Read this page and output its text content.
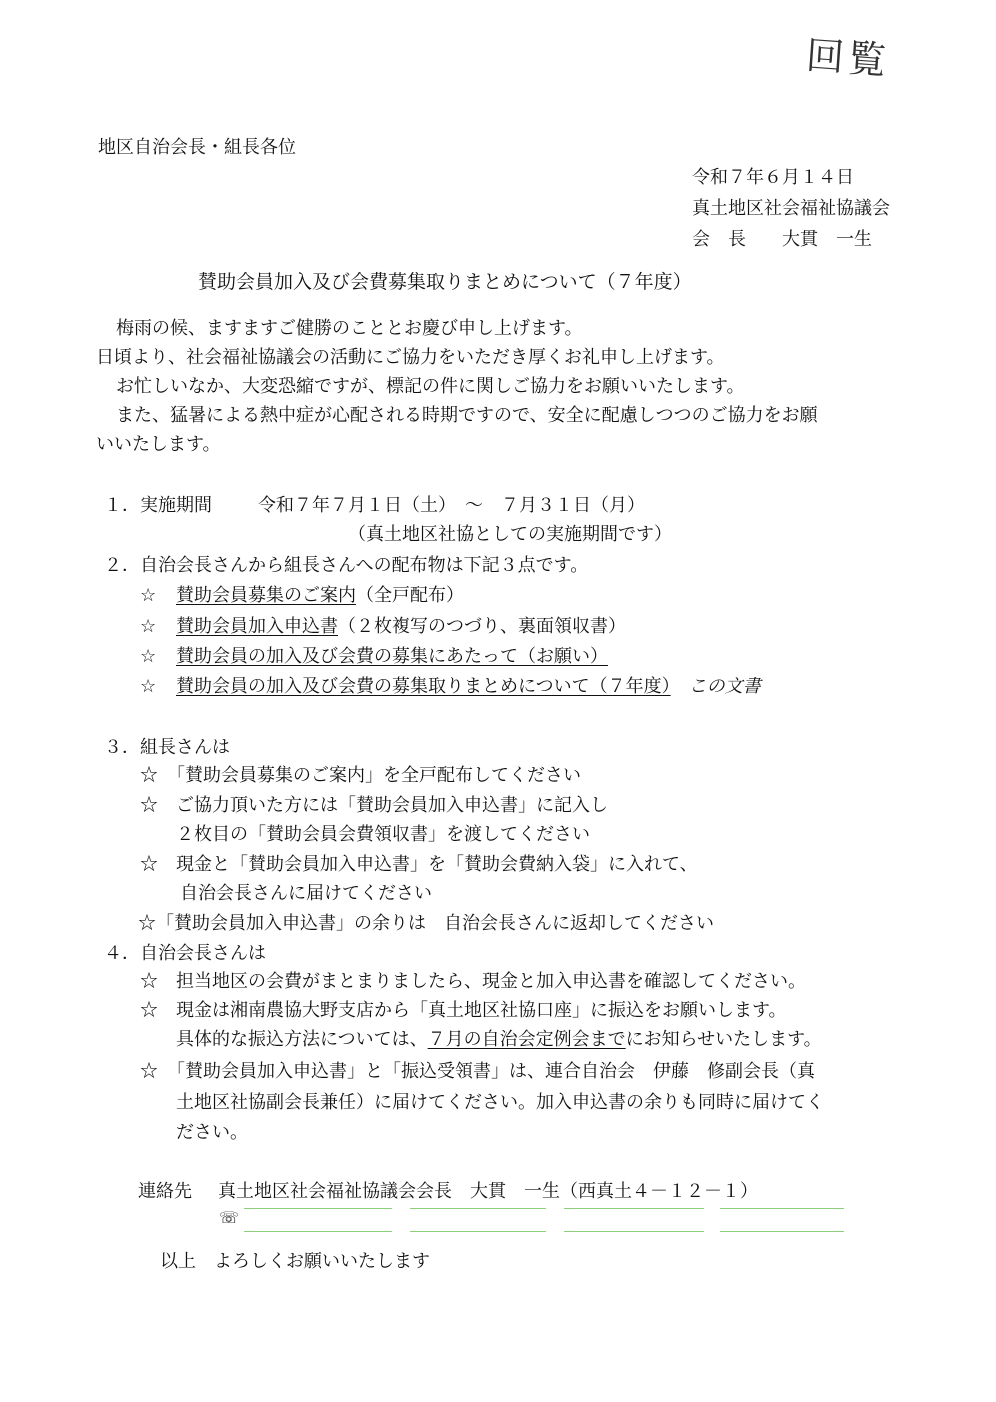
回覧
地区自治会長・組長各位
令和７年６月１４日
真土地区社会福祉協議会
会　長　　大貫　一生
賛助会員加入及び会費募集取りまとめについて（７年度）
梅雨の候、ますますご健勝のこととお慶び申し上げます。
日頃より、社会福祉協議会の活動にご協力をいただき厚くお礼申し上げます。
お忙しいなか、大変恐縮ですが、標記の件に関しご協力をお願いいたします。
また、猛暑による熱中症が心配される時期ですので、安全に配慮しつつのご協力をお願
いいたします。
１．実施期間	令和７年７月１日（土）　～　７月３１日（月）
（真土地区社協としての実施期間です）
２．自治会長さんから組長さんへの配布物は下記３点です。
☆ 賛助会員募集のご案内（全戸配布）
☆ 賛助会員加入申込書（２枚複写のつづり、裏面領収書）
☆ 賛助会員の加入及び会費の募集にあたって（お願い）
☆ 賛助会員の加入及び会費の募集取りまとめについて（７年度）　 この文書
３．組長さんは
☆　「賛助会員募集のご案内」を全戸配布してください
☆　ご協力頂いた方には「賛助会員加入申込書」に記入し
２枚目の「賛助会員会費領収書」を渡してください
☆　現金と「賛助会員加入申込書」を「賛助会費納入袋」に入れて、
自治会長さんに届けてください
☆「賛助会員加入申込書」の余りは　自治会長さんに返却してください
４．自治会長さんは
☆　担当地区の会費がまとまりましたら、現金と加入申込書を確認してください。
☆　現金は湘南農協大野支店から「真土地区社協口座」に振込をお願いします。
具体的な振込方法については、７月の自治会定例会までにお知らせいたします。
☆　「賛助会員加入申込書」と「振込受領書」は、連合自治会　伊藤　修副会長（真
土地区社協副会長兼任）に届けてください。加入申込書の余りも同時に届けてく
ださい。
連絡先 真土地区社会福祉協議会会長　大貫　一生（西真土４－１２－１）
☏
以上　よろしくお願いいたします
